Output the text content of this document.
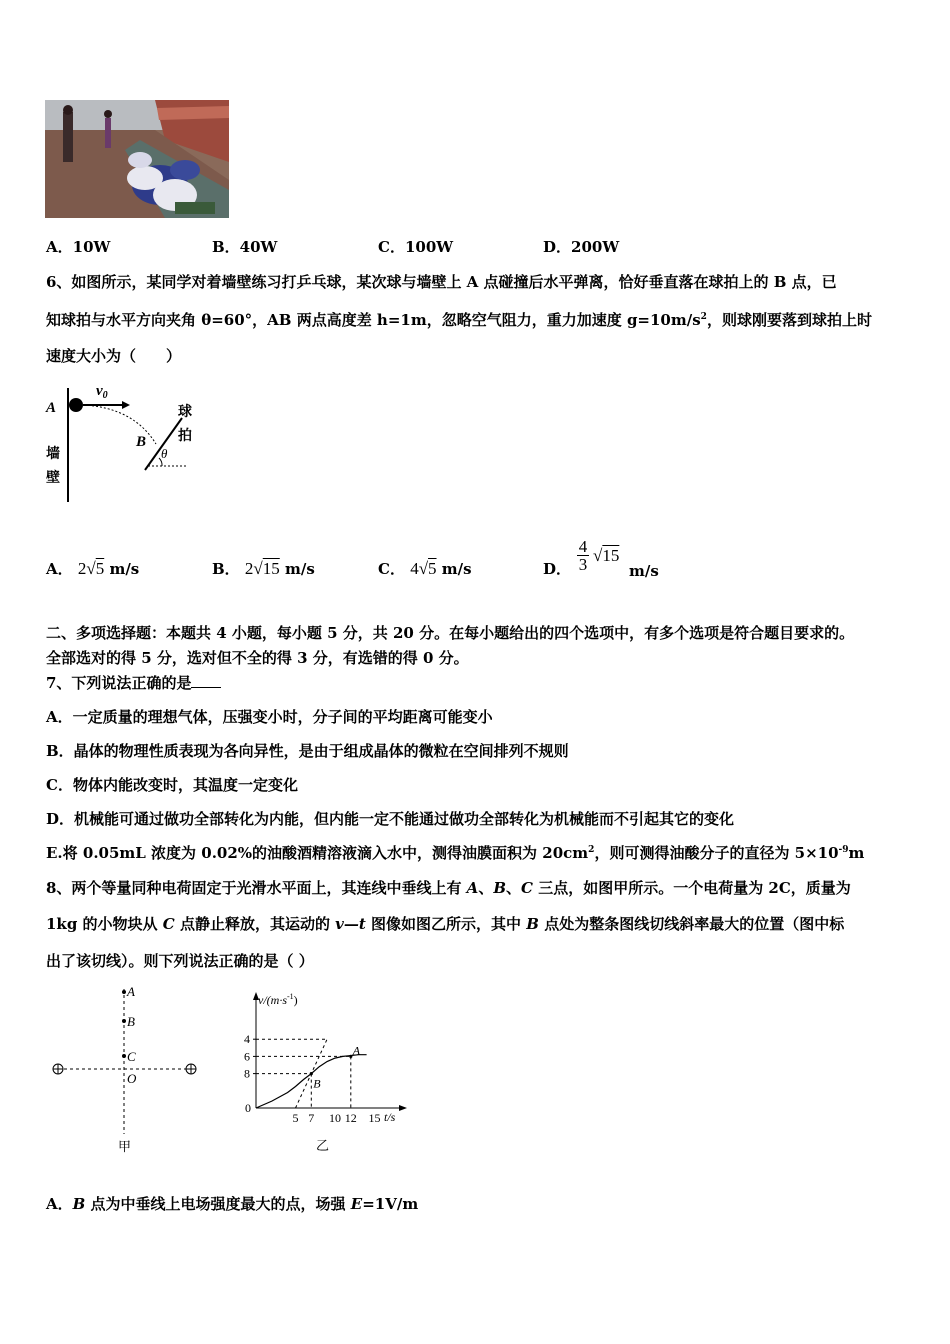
A．10W	B．40W	C．100W	D．200W
6、如图所示，某同学对着墙壁练习打乒乓球，某次球与墙壁上 A 点碰撞后水平弹离，恰好垂直落在球拍上的 B 点，已
知球拍与水平方向夹角 θ=60°，AB 两点高度差 h=1m，忽略空气阻力，重力加速度 $g=10m/s^2$，则球刚要落到球拍上时
速度大小为（　　）
A
$v_0$
墙
壁
球
拍
B
θ
A． 2√5 m/s	B． 2√15 m/s	C． 4√5 m/s	D．
4
3 √15
m/s
二、多项选择题：本题共 4 小题，每小题 5 分，共 20 分。在每小题给出的四个选项中，有多个选项是符合题目要求的。
全部选对的得 5 分，选对但不全的得 3 分，有选错的得 0 分。
7、下列说法正确的是
A．一定质量的理想气体，压强变小时，分子间的平均距离可能变小
B．晶体的物理性质表现为各向异性，是由于组成晶体的微粒在空间排列不规则
C．物体内能改变时，其温度一定变化
D．机械能可通过做功全部转化为内能，但内能一定不能通过做功全部转化为机械能而不引起其它的变化
E.将 0.05mL 浓度为 0.02%的油酸酒精溶液滴入水中，测得油膜面积为 $20cm^2$，则可测得油酸分子的直径为 $5\times 10^{-9}m$
8、两个等量同种电荷固定于光滑水平面上，其连线中垂线上有 A、B、C 三点，如图甲所示。一个电荷量为 2C，质量为
1kg 的小物块从 C 点静止释放，其运动的 v—t 图像如图乙所示，其中 B 点处为整条图线切线斜率最大的位置（图中标
出了该切线）。则下列说法正确的是（ ）
A
B
C
O
甲
$v/(m\cdot s^{-1})$
t/s
0
8
6
4
5 7 10 12 15
B
A
乙
A．B 点为中垂线上电场强度最大的点，场强 E=1V/m
